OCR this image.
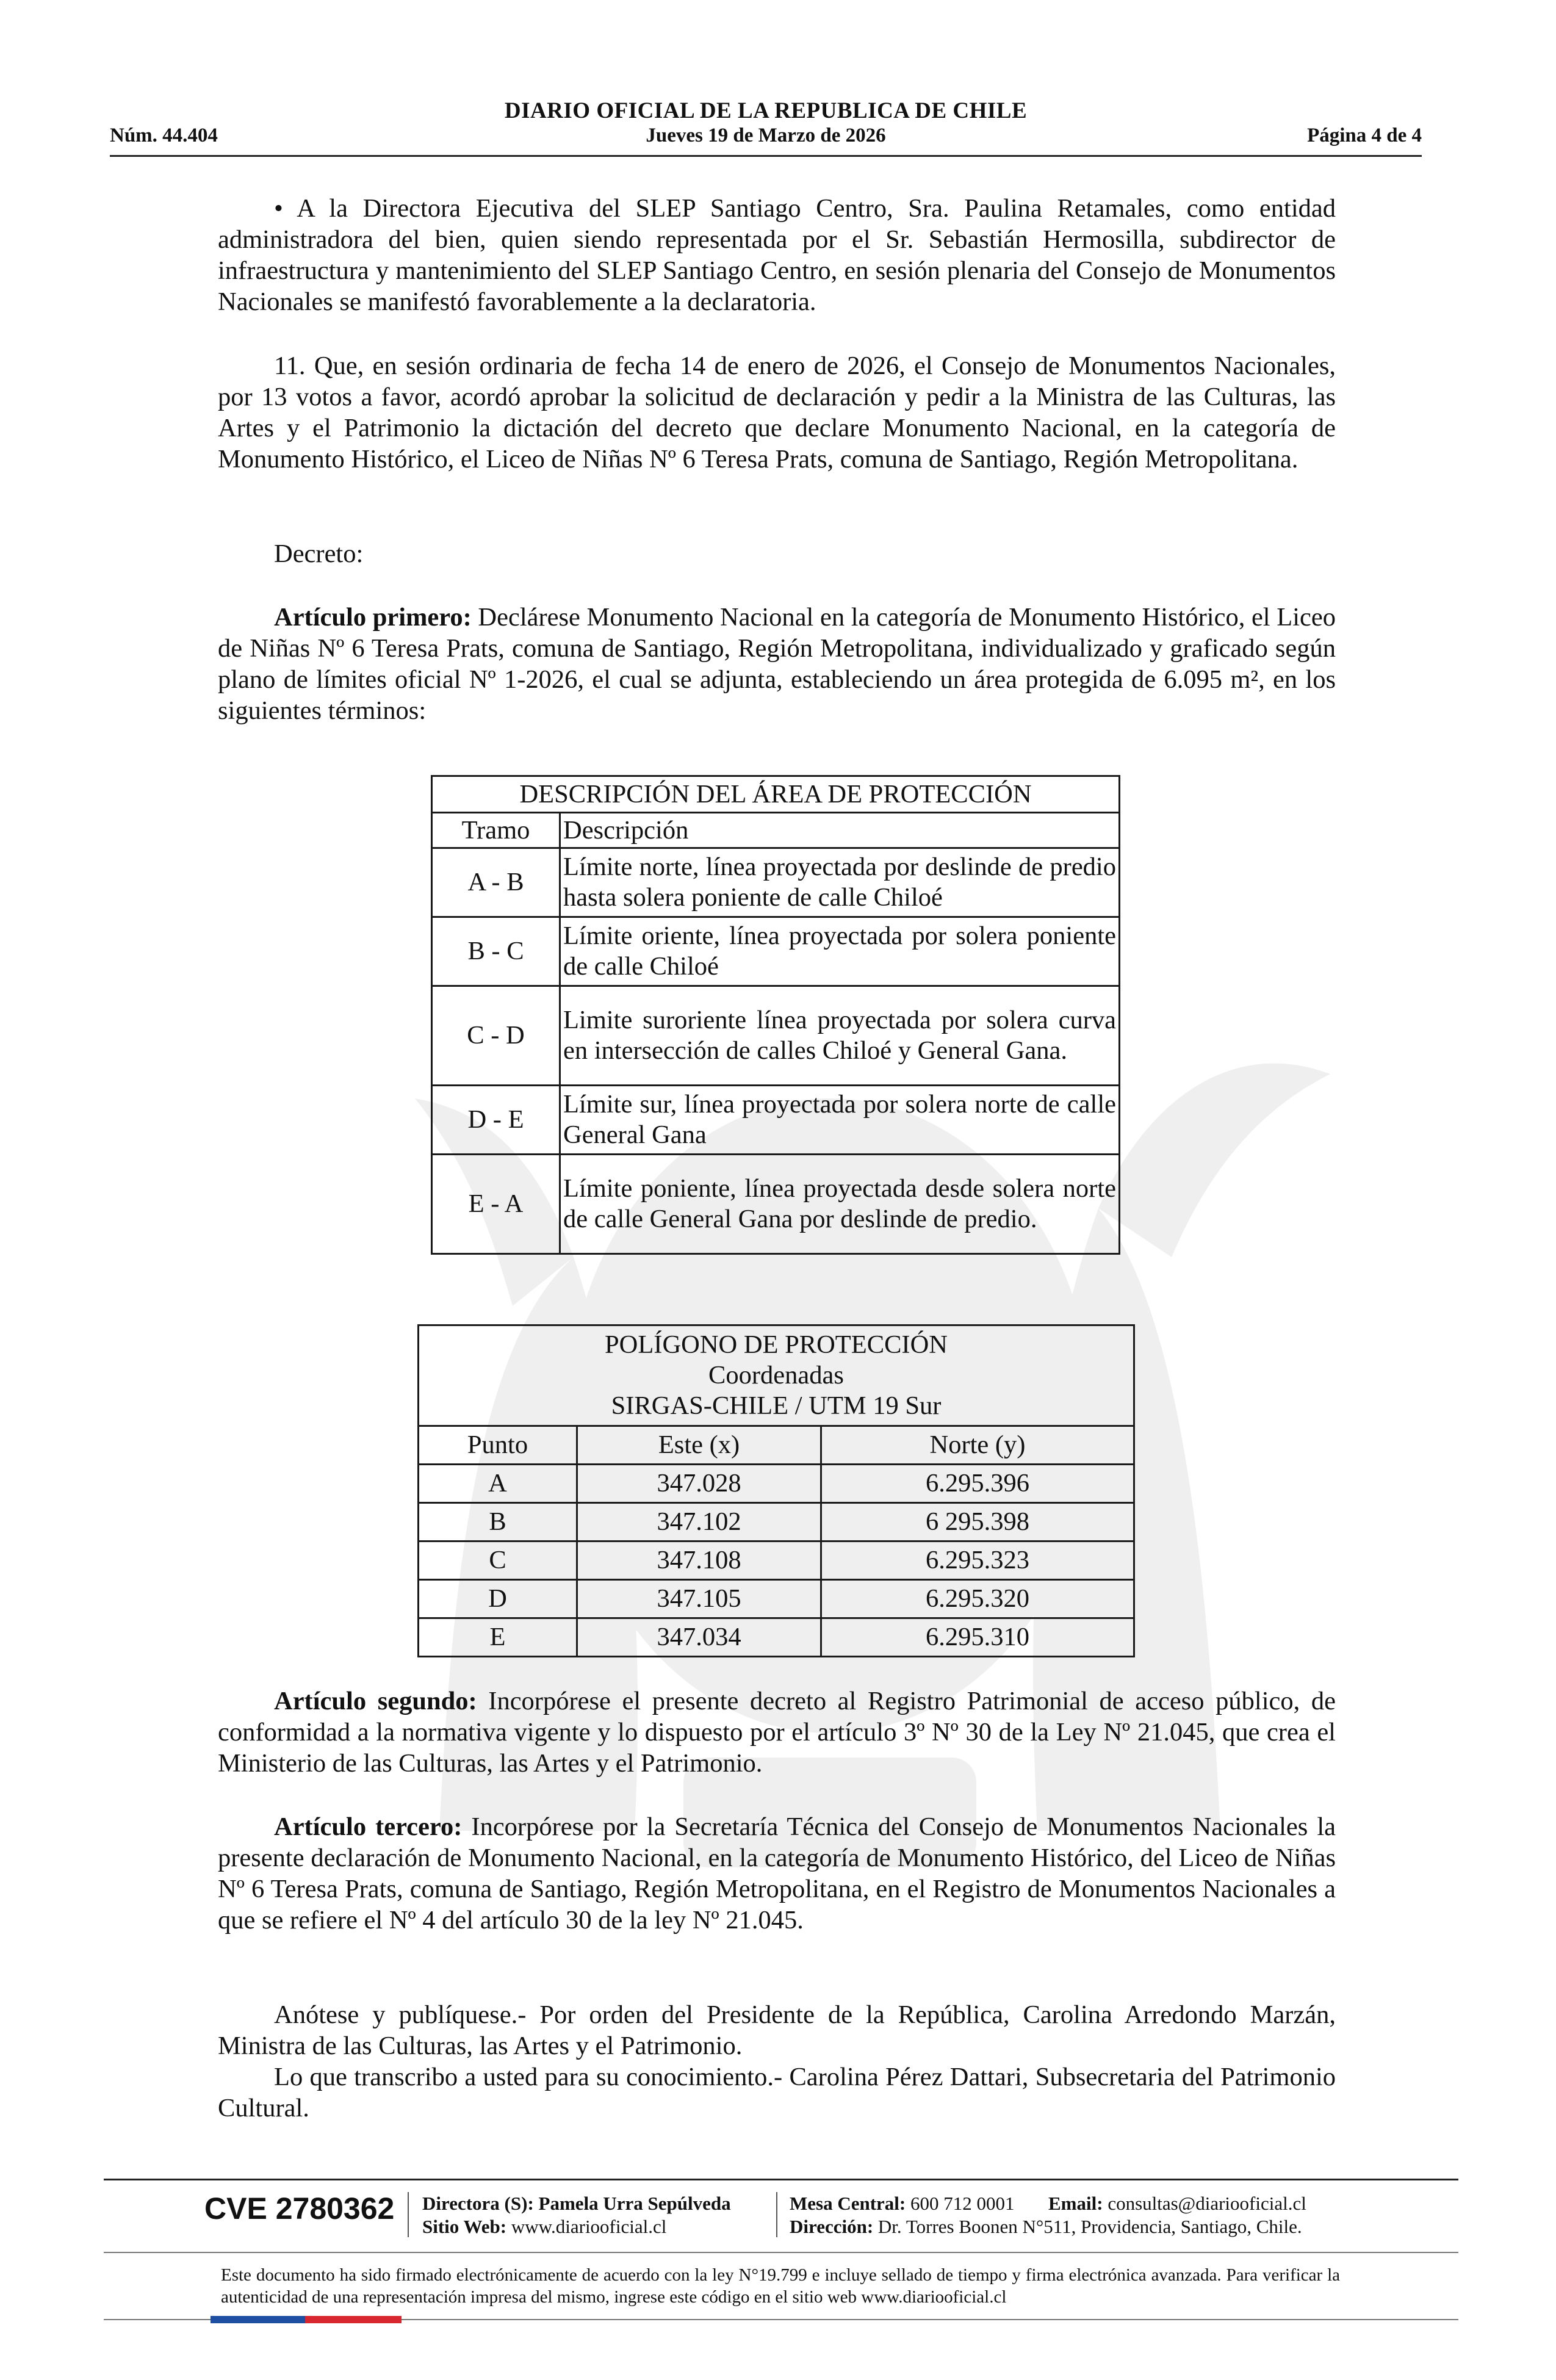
DIARIO OFICIAL DE LA REPUBLICA DE CHILE
Núm. 44.404	Jueves 19 de Marzo de 2026	Página 4 de 4

• A la Directora Ejecutiva del SLEP Santiago Centro, Sra. Paulina Retamales, como entidad administradora del bien, quien siendo representada por el Sr. Sebastián Hermosilla, subdirector de infraestructura y mantenimiento del SLEP Santiago Centro, en sesión plenaria del Consejo de Monumentos Nacionales se manifestó favorablemente a la declaratoria.

11. Que, en sesión ordinaria de fecha 14 de enero de 2026, el Consejo de Monumentos Nacionales, por 13 votos a favor, acordó aprobar la solicitud de declaración y pedir a la Ministra de las Culturas, las Artes y el Patrimonio la dictación del decreto que declare Monumento Nacional, en la categoría de Monumento Histórico, el Liceo de Niñas Nº 6 Teresa Prats, comuna de Santiago, Región Metropolitana.

Decreto:

Artículo primero: Declárese Monumento Nacional en la categoría de Monumento Histórico, el Liceo de Niñas Nº 6 Teresa Prats, comuna de Santiago, Región Metropolitana, individualizado y graficado según plano de límites oficial Nº 1-2026, el cual se adjunta, estableciendo un área protegida de 6.095 m², en los siguientes términos:

DESCRIPCIÓN DEL ÁREA DE PROTECCIÓN	
Tramo	Descripción
A - B	Límite norte, línea proyectada por deslinde de predio hasta solera poniente de calle Chiloé
B - C	Límite oriente, línea proyectada por solera poniente de calle Chiloé
C - D	Limite suroriente línea proyectada por solera curva en intersección de calles Chiloé y General Gana.
D - E	Límite sur, línea proyectada por solera norte de calle General Gana
E - A	Límite poniente, línea proyectada desde solera norte de calle General Gana por deslinde de predio.
POLÍGONO DE PROTECCIÓN
Coordenadas
SIRGAS-CHILE / UTM 19 Sur		

Punto	Este (x)	Norte (y)
A	347.028	6.295.396
B	347.102	6 295.398
C	347.108	6.295.323
D	347.105	6.295.320
E	347.034	6.295.310

Artículo segundo: Incorpórese el presente decreto al Registro Patrimonial de acceso público, de conformidad a la normativa vigente y lo dispuesto por el artículo 3º Nº 30 de la Ley Nº 21.045, que crea el Ministerio de las Culturas, las Artes y el Patrimonio.

Artículo tercero: Incorpórese por la Secretaría Técnica del Consejo de Monumentos Nacionales la presente declaración de Monumento Nacional, en la categoría de Monumento Histórico, del Liceo de Niñas Nº 6 Teresa Prats, comuna de Santiago, Región Metropolitana, en el Registro de Monumentos Nacionales a que se refiere el Nº 4 del artículo 30 de la ley Nº 21.045.

Anótese y publíquese.- Por orden del Presidente de la República, Carolina Arredondo Marzán, Ministra de las Culturas, las Artes y el Patrimonio.

Lo que transcribo a usted para su conocimiento.- Carolina Pérez Dattari, Subsecretaria del Patrimonio Cultural.

CVE 2780362 Directora (S): Pamela Urra Sepúlveda
Sitio Web: www.diariooficial.cl
Mesa Central: 600 712 0001 Email: consultas@diariooficial.cl
Dirección: Dr. Torres Boonen N°511, Providencia, Santiago, Chile.
Este documento ha sido firmado electrónicamente de acuerdo con la ley N°19.799 e incluye sellado de tiempo y firma electrónica avanzada. Para verificar la autenticidad de una representación impresa del mismo, ingrese este código en el sitio web www.diariooficial.cl
